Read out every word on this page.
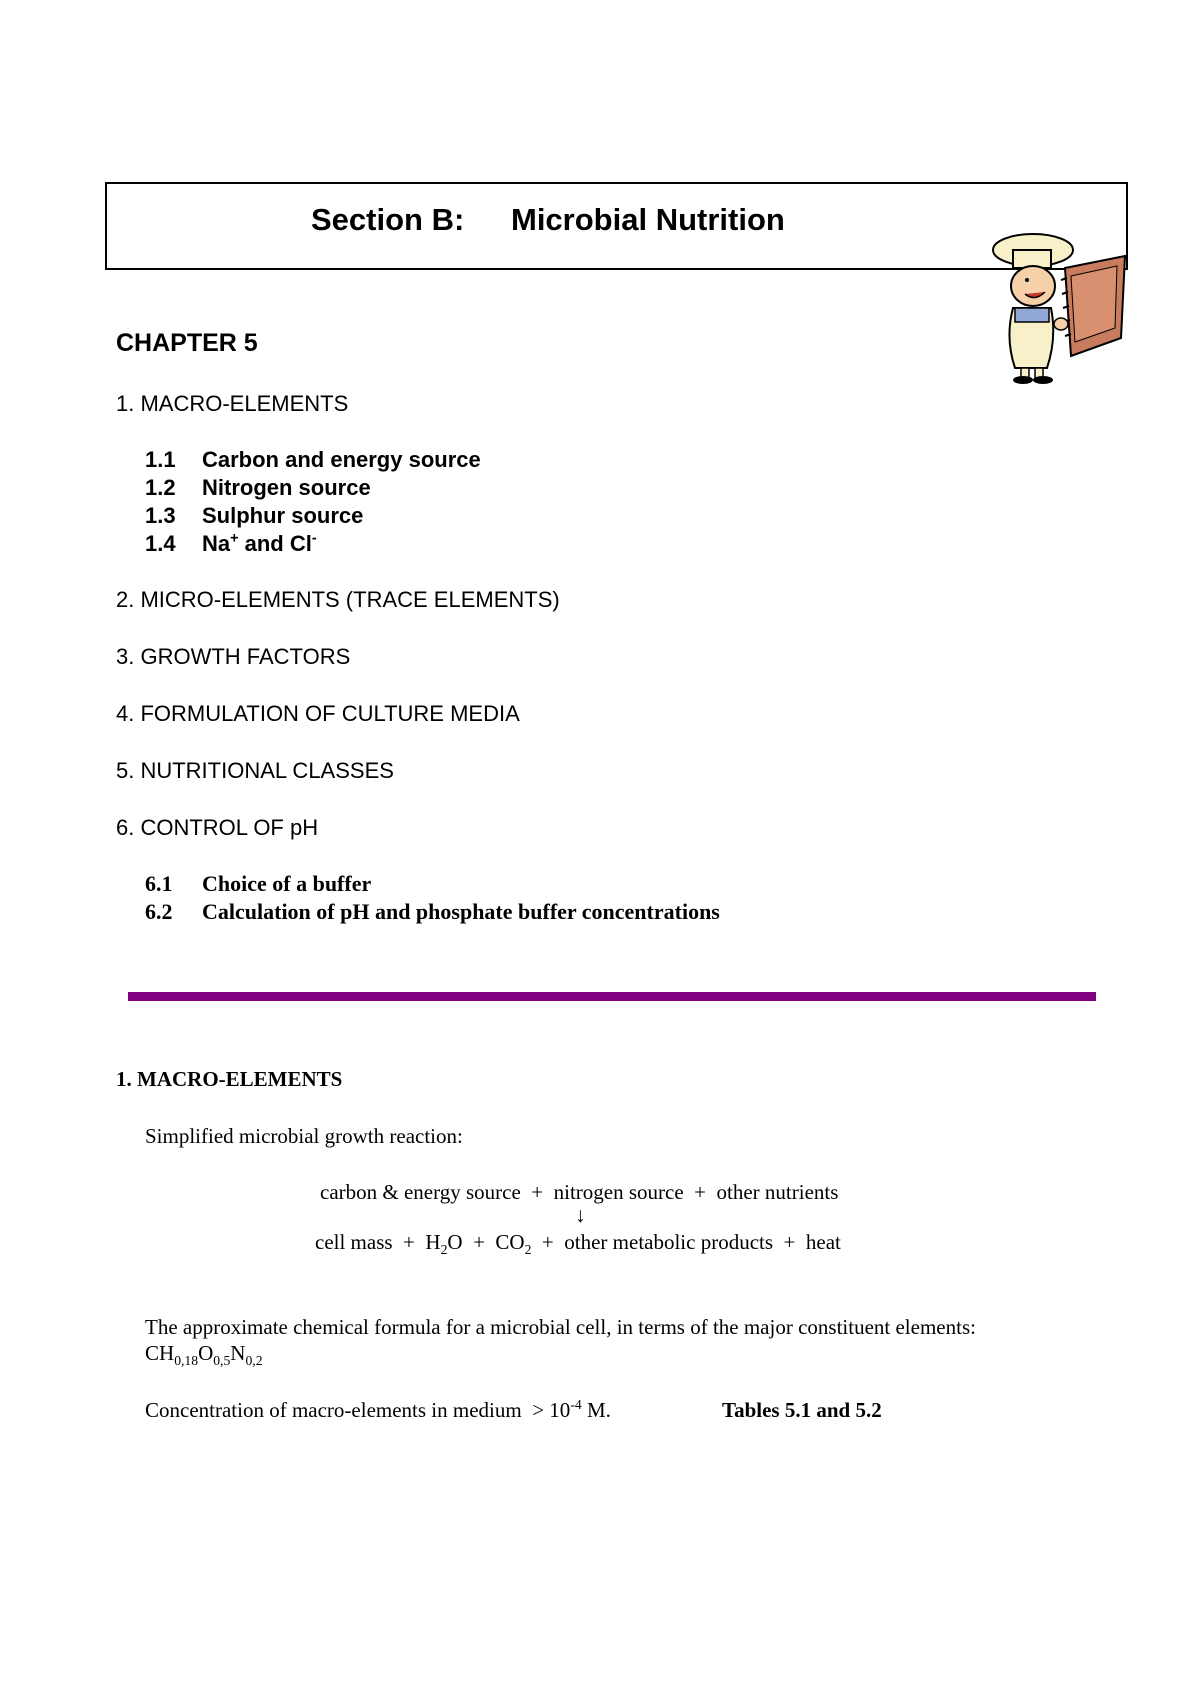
Section B: Microbial Nutrition
CHAPTER 5
1. MACRO-ELEMENTS
1.1 Carbon and energy source
1.2 Nitrogen source
1.3 Sulphur source
1.4 Na+ and Cl-
2. MICRO-ELEMENTS (TRACE ELEMENTS)
3. GROWTH FACTORS
4. FORMULATION OF CULTURE MEDIA
5. NUTRITIONAL CLASSES
6. CONTROL OF pH
6.1 Choice of a buffer
6.2 Calculation of pH and phosphate buffer concentrations
1. MACRO-ELEMENTS
Simplified microbial growth reaction:
carbon & energy source  +  nitrogen source  +  other nutrients
↓
cell mass  +  $H_2O + CO_2$  +  other metabolic products  +  heat
The approximate chemical formula for a microbial cell, in terms of the major constituent elements:
$CH_{0,18}O_{0,5}N_{0,2}$
Concentration of macro-elements in medium  > $10^{-4}$ M.	Tables 5.1 and 5.2
